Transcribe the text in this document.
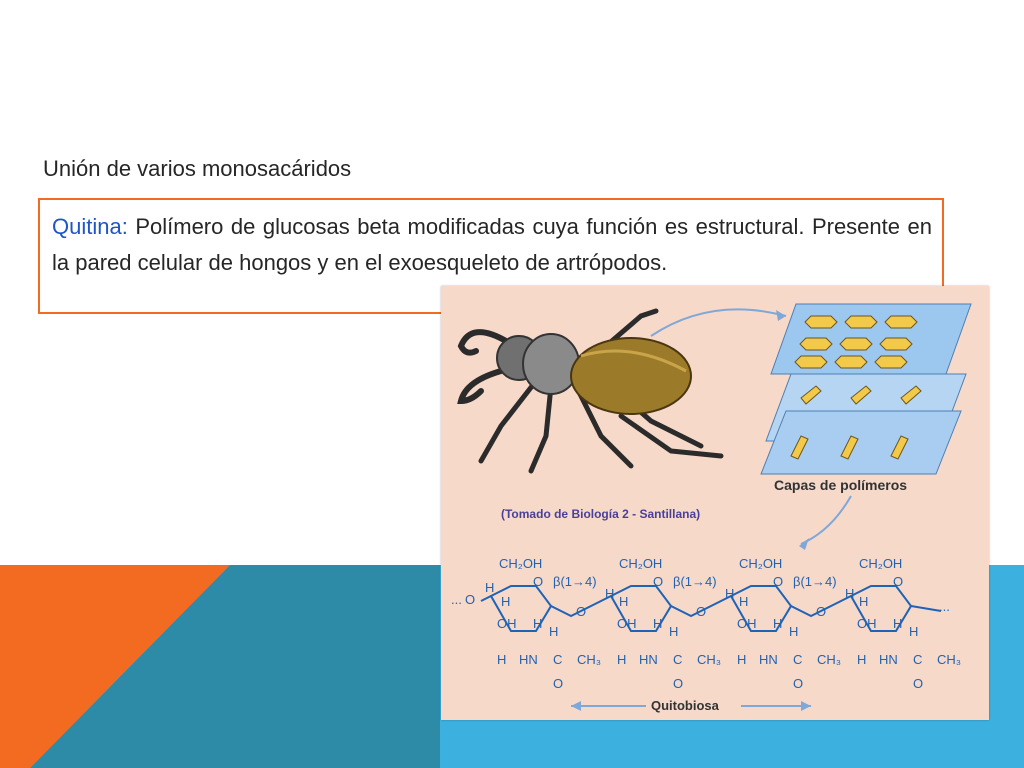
Unión de varios monosacáridos

Quitina: Polímero de glucosas beta modificadas cuya función es estructural. Presente en la pared celular de hongos y en el exoesqueleto de artrópodos.

Capas de polímeros
(Tomado de Biología 2 - Santillana)
CH₂OH	CH₂OH	CH₂OH	CH₂OH
β(1→4)	β(1→4)	β(1→4)
O	O	O	O
O	O	O
O
...	...
OH	OH	OH	OH
H
H
H
H
H
H
H
H
H
H
H
H
H
H
H
H
H
H
H
H
HN C CH₃
O
HN C CH₃
O
HN C CH₃
O
HN C CH₃
O
Quitobiosa
